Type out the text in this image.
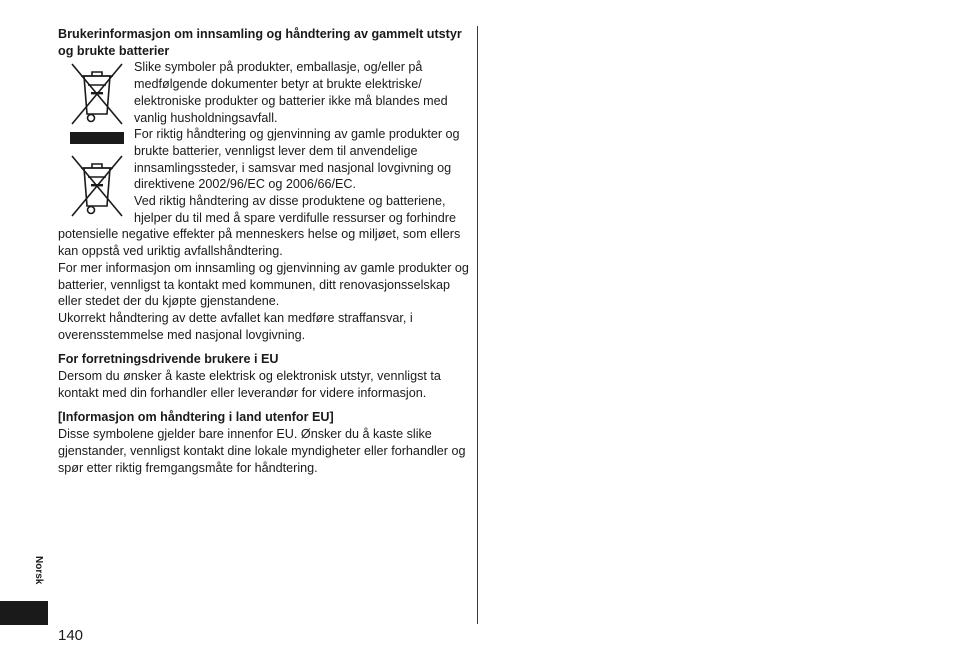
Brukerinformasjon om innsamling og håndtering av gammelt utstyr og brukte batterier

Slike symboler på produkter, emballasje, og/eller på medfølgende dokumenter betyr at brukte elektriske/ elektroniske produkter og batterier ikke må blandes med vanlig husholdningsavfall.

For riktig håndtering og gjenvinning av gamle produkter og brukte batterier, vennligst lever dem til anvendelige innsamlingssteder, i samsvar med nasjonal lovgivning og direktivene 2002/96/EC og 2006/66/EC.

Ved riktig håndtering av disse produktene og batteriene, hjelper du til med å spare verdifulle ressurser og forhindre potensielle negative effekter på menneskers helse og miljøet, som ellers kan oppstå ved uriktig avfallshåndtering.

For mer informasjon om innsamling og gjenvinning av gamle produkter og batterier, vennligst ta kontakt med kommunen, ditt renovasjonsselskap eller stedet der du kjøpte gjenstandene.

Ukorrekt håndtering av dette avfallet kan medføre straffansvar, i overensstemmelse med nasjonal lovgivning.

For forretningsdrivende brukere i EU

Dersom du ønsker å kaste elektrisk og elektronisk utstyr, vennligst ta kontakt med din forhandler eller leverandør for videre informasjon.

[Informasjon om håndtering i land utenfor EU]

Disse symbolene gjelder bare innenfor EU. Ønsker du å kaste slike gjenstander, vennligst kontakt dine lokale myndigheter eller forhandler og spør etter riktig fremgangsmåte for håndtering.

Norsk
140
